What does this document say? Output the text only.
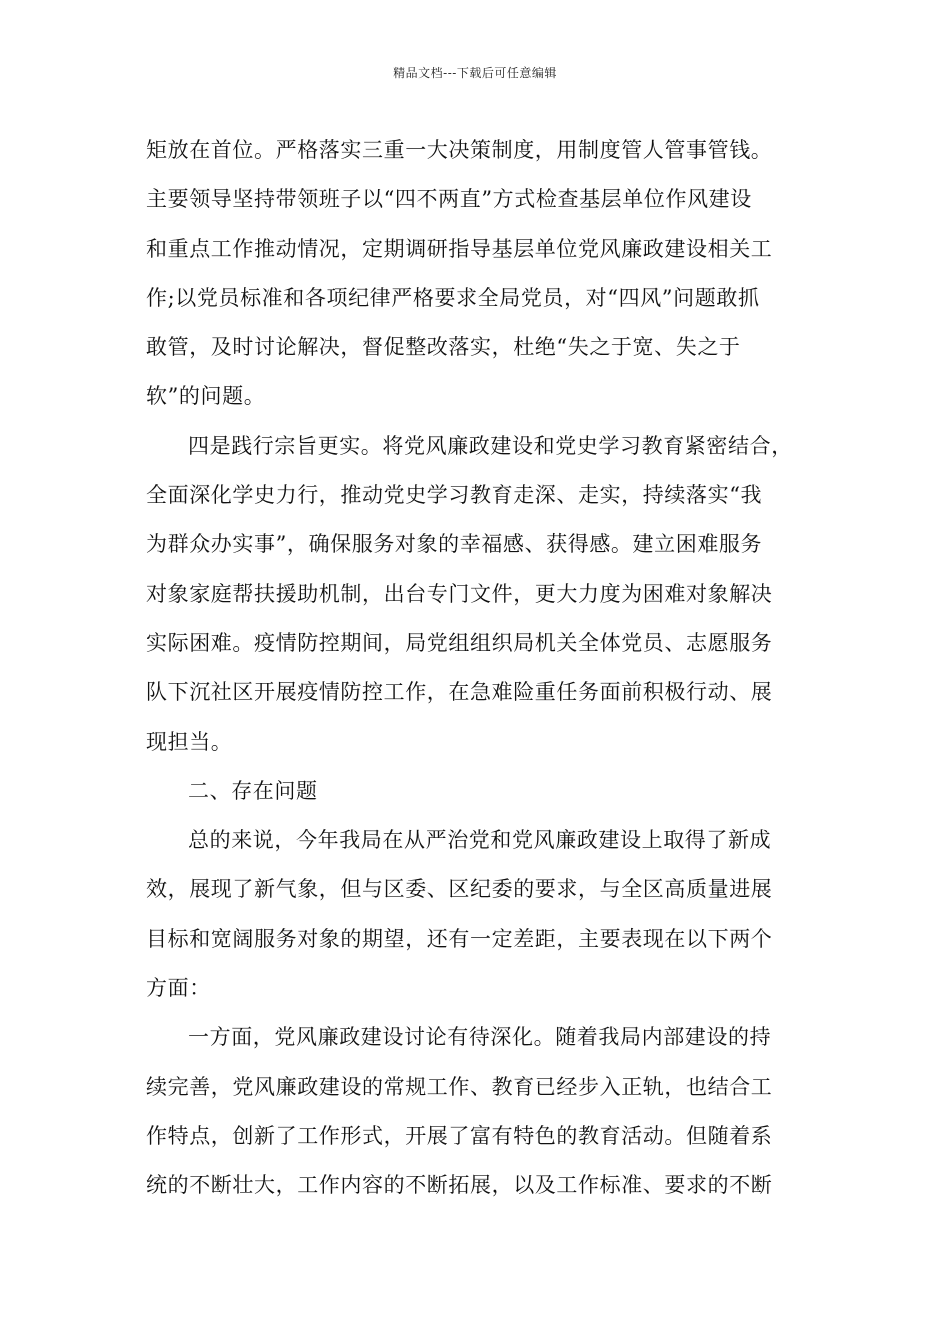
精品文档---下载后可任意编辑
矩放在首位。严格落实三重一大决策制度，用制度管人管事管钱。
主要领导坚持带领班子以“四不两直”方式检查基层单位作风建设
和重点工作推动情况，定期调研指导基层单位党风廉政建设相关工
作;以党员标准和各项纪律严格要求全局党员，对“四风”问题敢抓
敢管，及时讨论解决，督促整改落实，杜绝“失之于宽、失之于
软”的问题。
四是践行宗旨更实。将党风廉政建设和党史学习教育紧密结合，
全面深化学史力行，推动党史学习教育走深、走实，持续落实“我
为群众办实事”，确保服务对象的幸福感、获得感。建立困难服务
对象家庭帮扶援助机制，出台专门文件，更大力度为困难对象解决
实际困难。疫情防控期间，局党组组织局机关全体党员、志愿服务
队下沉社区开展疫情防控工作，在急难险重任务面前积极行动、展
现担当。
二、存在问题
总的来说，今年我局在从严治党和党风廉政建设上取得了新成
效，展现了新气象，但与区委、区纪委的要求，与全区高质量进展
目标和宽阔服务对象的期望，还有一定差距，主要表现在以下两个
方面：
一方面，党风廉政建设讨论有待深化。随着我局内部建设的持
续完善，党风廉政建设的常规工作、教育已经步入正轨，也结合工
作特点，创新了工作形式，开展了富有特色的教育活动。但随着系
统的不断壮大，工作内容的不断拓展，以及工作标准、要求的不断
